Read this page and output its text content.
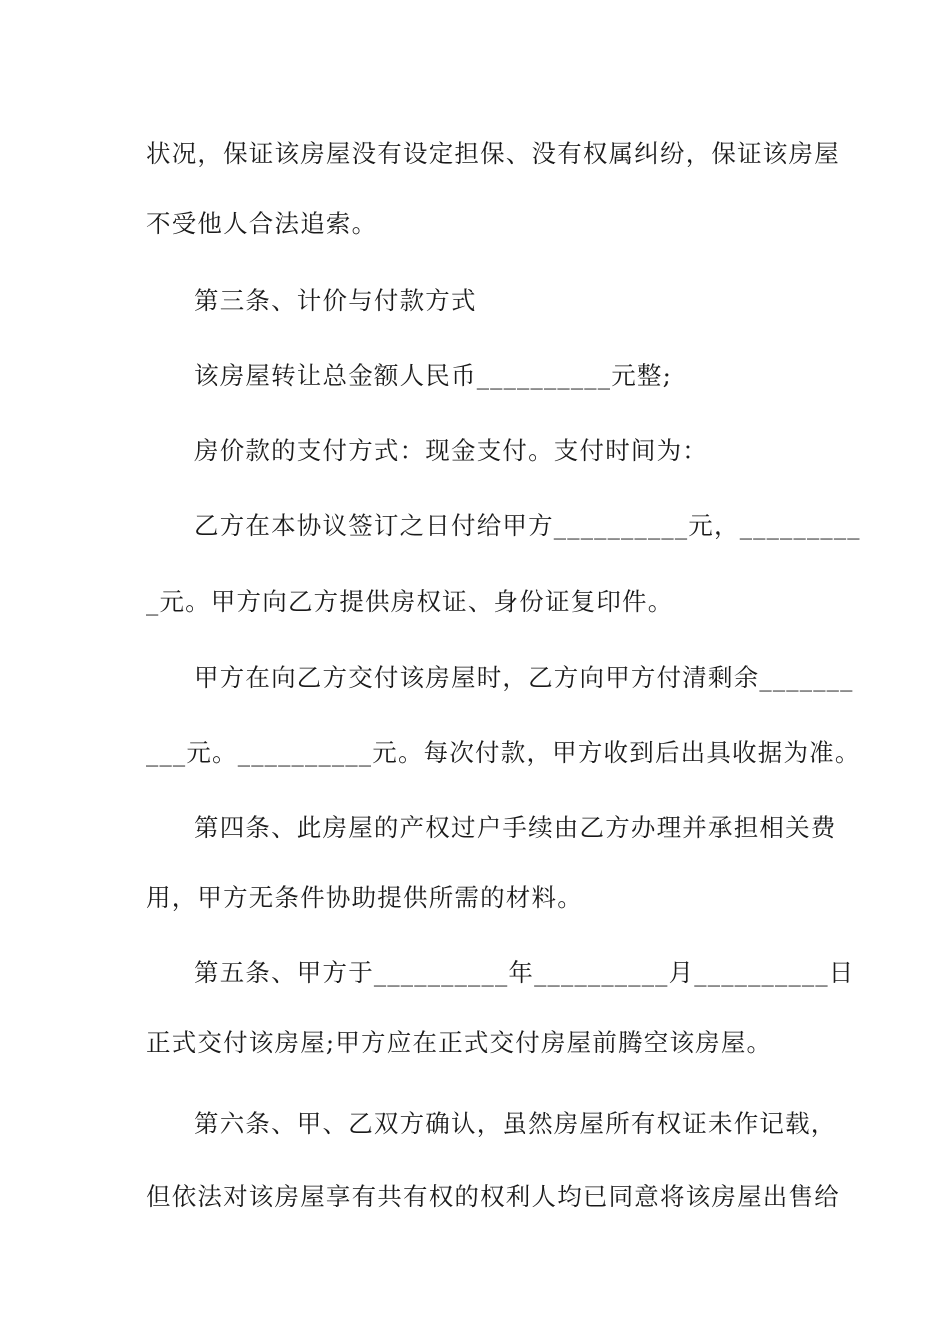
状况，保证该房屋没有设定担保、没有权属纠纷，保证该房屋
不受他人合法追索。
第三条、计价与付款方式
该房屋转让总金额人民币__________元整;
房价款的支付方式：现金支付。支付时间为：
乙方在本协议签订之日付给甲方__________元，_________
_元。甲方向乙方提供房权证、身份证复印件。
甲方在向乙方交付该房屋时，乙方向甲方付清剩余_______
___元。__________元。每次付款，甲方收到后出具收据为准。
第四条、此房屋的产权过户手续由乙方办理并承担相关费
用，甲方无条件协助提供所需的材料。
第五条、甲方于__________年__________月__________日
正式交付该房屋;甲方应在正式交付房屋前腾空该房屋。
第六条、甲、乙双方确认，虽然房屋所有权证未作记载，
但依法对该房屋享有共有权的权利人均已同意将该房屋出售给
